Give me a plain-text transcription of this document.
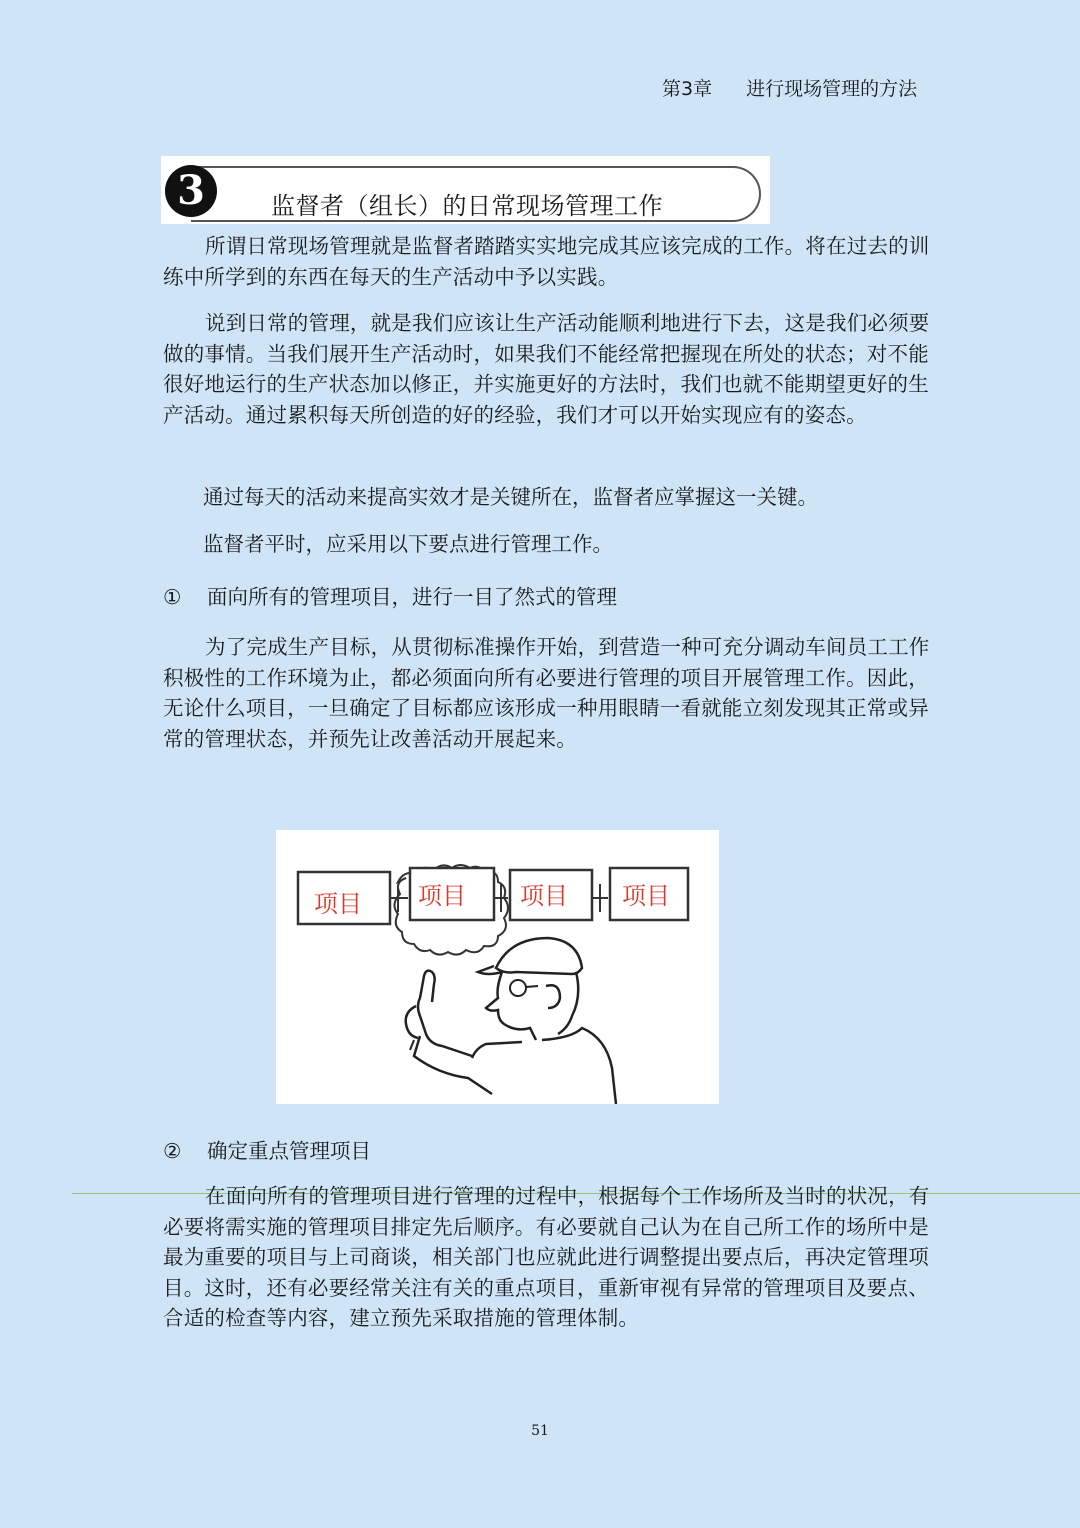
第3章 进行现场管理的方法
3	监督者（组长）的日常现场管理工作
所谓日常现场管理就是监督者踏踏实实地完成其应该完成的工作。将在过去的训练中所学到的东西在每天的生产活动中予以实践。
说到日常的管理，就是我们应该让生产活动能顺利地进行下去，这是我们必须要做的事情。当我们展开生产活动时，如果我们不能经常把握现在所处的状态；对不能很好地运行的生产状态加以修正，并实施更好的方法时，我们也就不能期望更好的生产活动。通过累积每天所创造的好的经验，我们才可以开始实现应有的姿态。
通过每天的活动来提高实效才是关键所在，监督者应掌握这一关键。
监督者平时，应采用以下要点进行管理工作。
① 面向所有的管理项目，进行一目了然式的管理
为了完成生产目标，从贯彻标准操作开始，到营造一种可充分调动车间员工工作积极性的工作环境为止，都必须面向所有必要进行管理的项目开展管理工作。因此，无论什么项目，一旦确定了目标都应该形成一种用眼睛一看就能立刻发现其正常或异常的管理状态，并预先让改善活动开展起来。
项目 项目 项目 项目
② 确定重点管理项目
在面向所有的管理项目进行管理的过程中，根据每个工作场所及当时的状况，有必要将需实施的管理项目排定先后顺序。有必要就自己认为在自己所工作的场所中是最为重要的项目与上司商谈，相关部门也应就此进行调整提出要点后，再决定管理项目。这时，还有必要经常关注有关的重点项目，重新审视有异常的管理项目及要点、合适的检查等内容，建立预先采取措施的管理体制。
51
